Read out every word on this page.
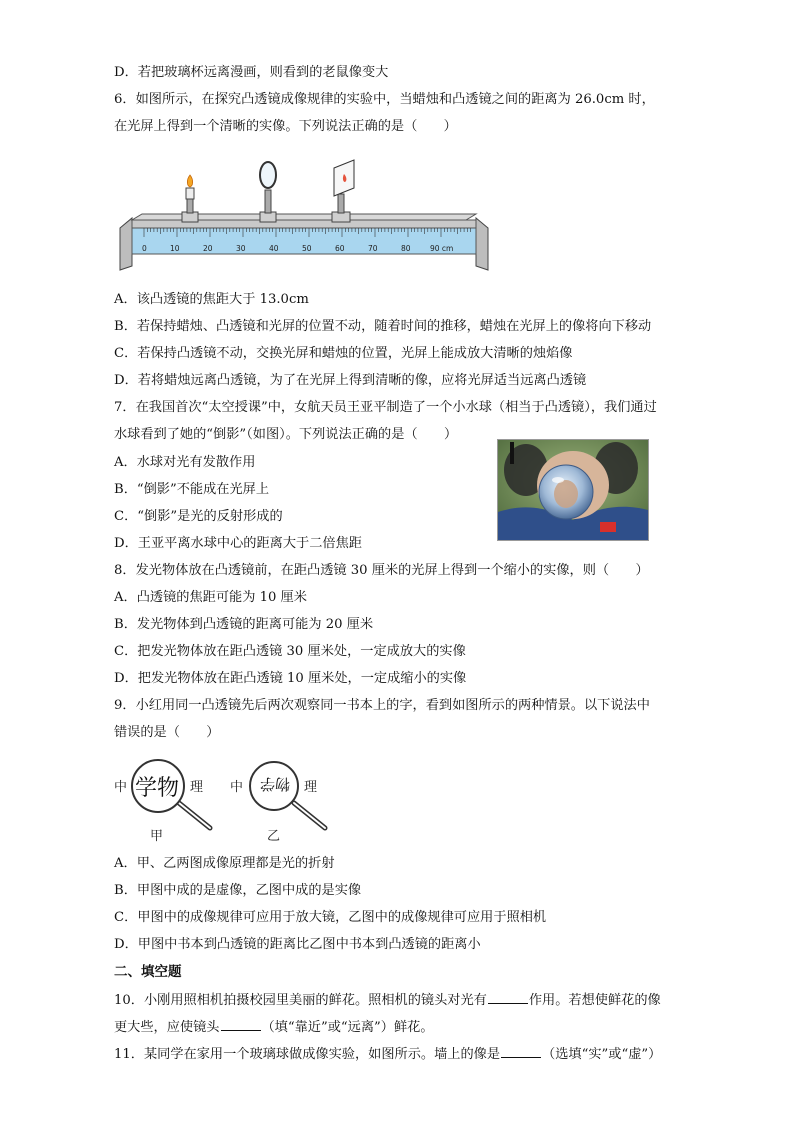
D．若把玻璃杯远离漫画，则看到的老鼠像变大
6．如图所示，在探究凸透镜成像规律的实验中，当蜡烛和凸透镜之间的距离为 26.0cm 时，
在光屏上得到一个清晰的实像。下列说法正确的是（　　）
0	10	20	30	40	50	60	70	80	90 cm
A．该凸透镜的焦距大于 13.0cm
B．若保持蜡烛、凸透镜和光屏的位置不动，随着时间的推移，蜡烛在光屏上的像将向下移动
C．若保持凸透镜不动，交换光屏和蜡烛的位置，光屏上能成放大清晰的烛焰像
D．若将蜡烛远离凸透镜，为了在光屏上得到清晰的像，应将光屏适当远离凸透镜
7．在我国首次“太空授课”中，女航天员王亚平制造了一个小水球（相当于凸透镜），我们通过
水球看到了她的“倒影”（如图）。下列说法正确的是（　　）
A．水球对光有发散作用
B．“倒影”不能成在光屏上
C．“倒影”是光的反射形成的
D．王亚平离水球中心的距离大于二倍焦距
8．发光物体放在凸透镜前，在距凸透镜 30 厘米的光屏上得到一个缩小的实像，则（　　）
A．凸透镜的焦距可能为 10 厘米
B．发光物体到凸透镜的距离可能为 20 厘米
C．把发光物体放在距凸透镜 30 厘米处，一定成放大的实像
D．把发光物体放在距凸透镜 10 厘米处，一定成缩小的实像
9．小红用同一凸透镜先后两次观察同一书本上的字，看到如图所示的两种情景。以下说法中
错误的是（　　）
中 学物 理
甲
中 物学 理
乙
A．甲、乙两图成像原理都是光的折射
B．甲图中成的是虚像，乙图中成的是实像
C．甲图中的成像规律可应用于放大镜，乙图中的成像规律可应用于照相机
D．甲图中书本到凸透镜的距离比乙图中书本到凸透镜的距离小
二、填空题
10．小刚用照相机拍摄校园里美丽的鲜花。照相机的镜头对光有	作用。若想使鲜花的像
更大些，应使镜头	（填“靠近”或“远离”）鲜花。
11．某同学在家用一个玻璃球做成像实验，如图所示。墙上的像是	（选填“实”或“虚”）
